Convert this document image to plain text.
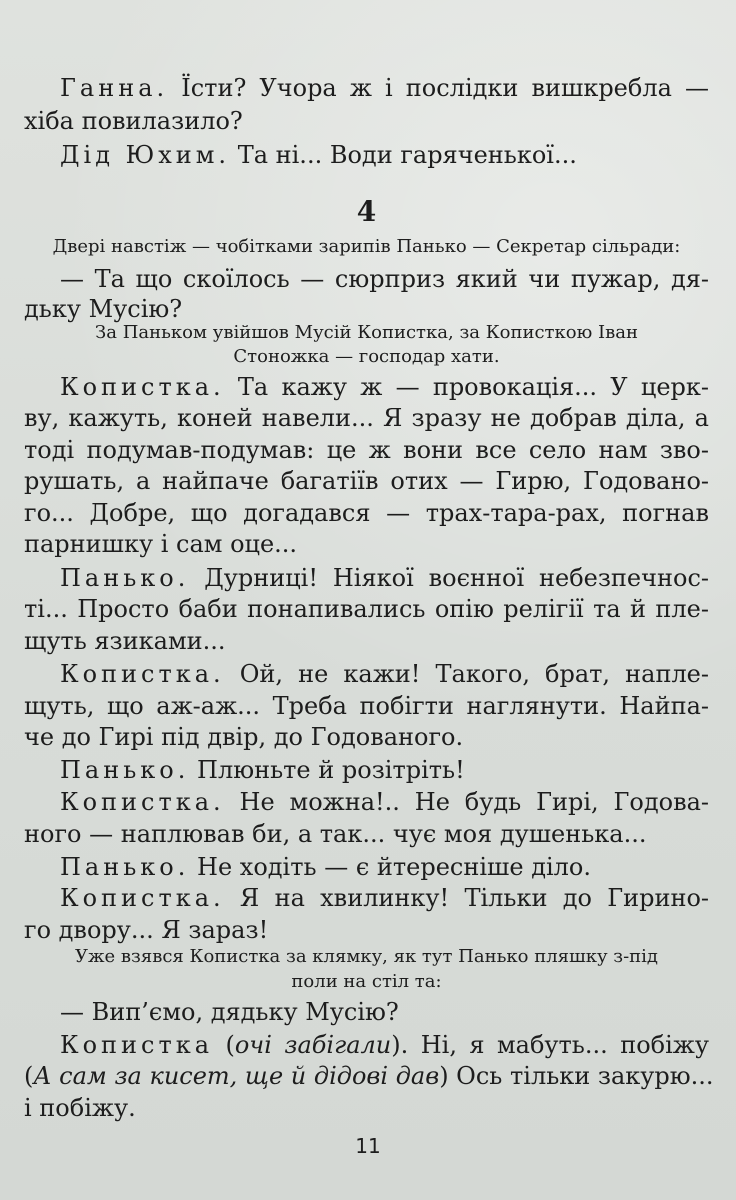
Ганна. Їсти? Учора ж і послідки вишкребла —
хіба повилазило?
Дід Юхим. Та ні... Води гаряченької...
4
Двері навстіж — чобітками зарипів Панько — Секретар сільради:
— Та що скоїлось — сюрприз який чи пужар, дя-
дьку Мусію?
За Паньком увійшов Мусій Копистка, за Кописткою Іван
Стоножка — господар хати.
Копистка. Та кажу ж — провокація... У церк-
ву, кажуть, коней навели... Я зразу не добрав діла, а
тоді подумав-подумав: це ж вони все село нам зво-
рушать, а найпаче багатіїв отих — Гирю, Годовано-
го... Добре, що догадався — трах-тара-рах, погнав
парнишку і сам оце...
Панько. Дурниці! Ніякої воєнної небезпечнос-
ті... Просто баби понапивались опію релігії та й пле-
щуть язиками...
Копистка. Ой, не кажи! Такого, брат, напле-
щуть, що аж-аж... Треба побігти наглянути. Найпа-
че до Гирі під двір, до Годованого.
Панько. Плюньте й розітріть!
Копистка. Не можна!.. Не будь Гирі, Годова-
ного — наплював би, а так... чує моя душенька...
Панько. Не ходіть — є йтересніше діло.
Копистка. Я на хвилинку! Тільки до Гирино-
го двору... Я зараз!
Уже взявся Копистка за клямку, як тут Панько пляшку з-під
поли на стіл та:
— Вип’ємо, дядьку Мусію?
Копистка (очі забігали). Ні, я мабуть... побіжу
(А сам за кисет, ще й дідові дав) Ось тільки закурю...
і побіжу.
11
